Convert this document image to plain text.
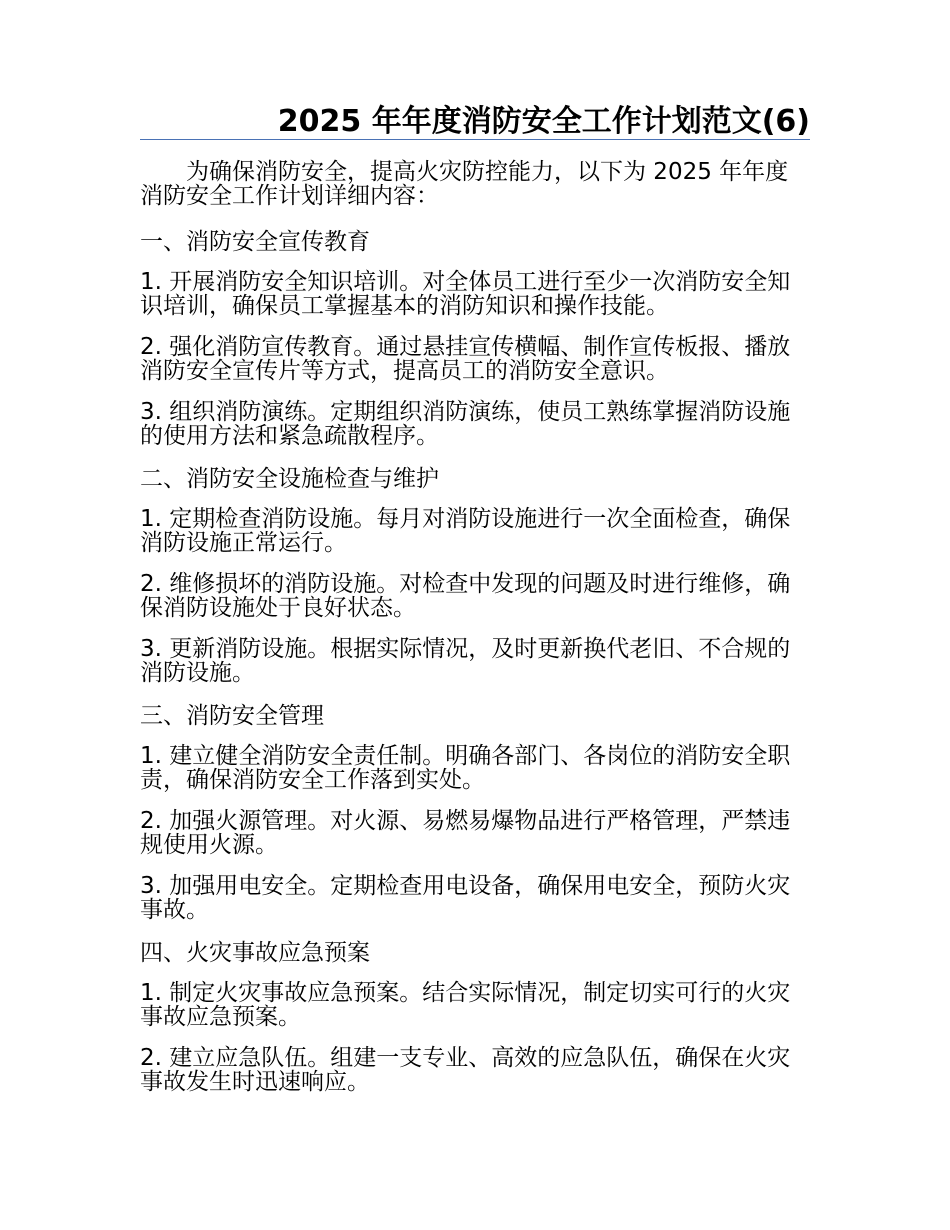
2025 年年度消防安全工作计划范文(6)

为确保消防安全，提高火灾防控能力，以下为 2025 年年度消防安全工作计划详细内容：

一、消防安全宣传教育

1. 开展消防安全知识培训。对全体员工进行至少一次消防安全知识培训，确保员工掌握基本的消防知识和操作技能。

2. 强化消防宣传教育。通过悬挂宣传横幅、制作宣传板报、播放消防安全宣传片等方式，提高员工的消防安全意识。

3. 组织消防演练。定期组织消防演练，使员工熟练掌握消防设施的使用方法和紧急疏散程序。

二、消防安全设施检查与维护

1. 定期检查消防设施。每月对消防设施进行一次全面检查，确保消防设施正常运行。

2. 维修损坏的消防设施。对检查中发现的问题及时进行维修，确保消防设施处于良好状态。

3. 更新消防设施。根据实际情况，及时更新换代老旧、不合规的消防设施。

三、消防安全管理

1. 建立健全消防安全责任制。明确各部门、各岗位的消防安全职责，确保消防安全工作落到实处。

2. 加强火源管理。对火源、易燃易爆物品进行严格管理，严禁违规使用火源。

3. 加强用电安全。定期检查用电设备，确保用电安全，预防火灾事故。

四、火灾事故应急预案

1. 制定火灾事故应急预案。结合实际情况，制定切实可行的火灾事故应急预案。

2. 建立应急队伍。组建一支专业、高效的应急队伍，确保在火灾事故发生时迅速响应。
